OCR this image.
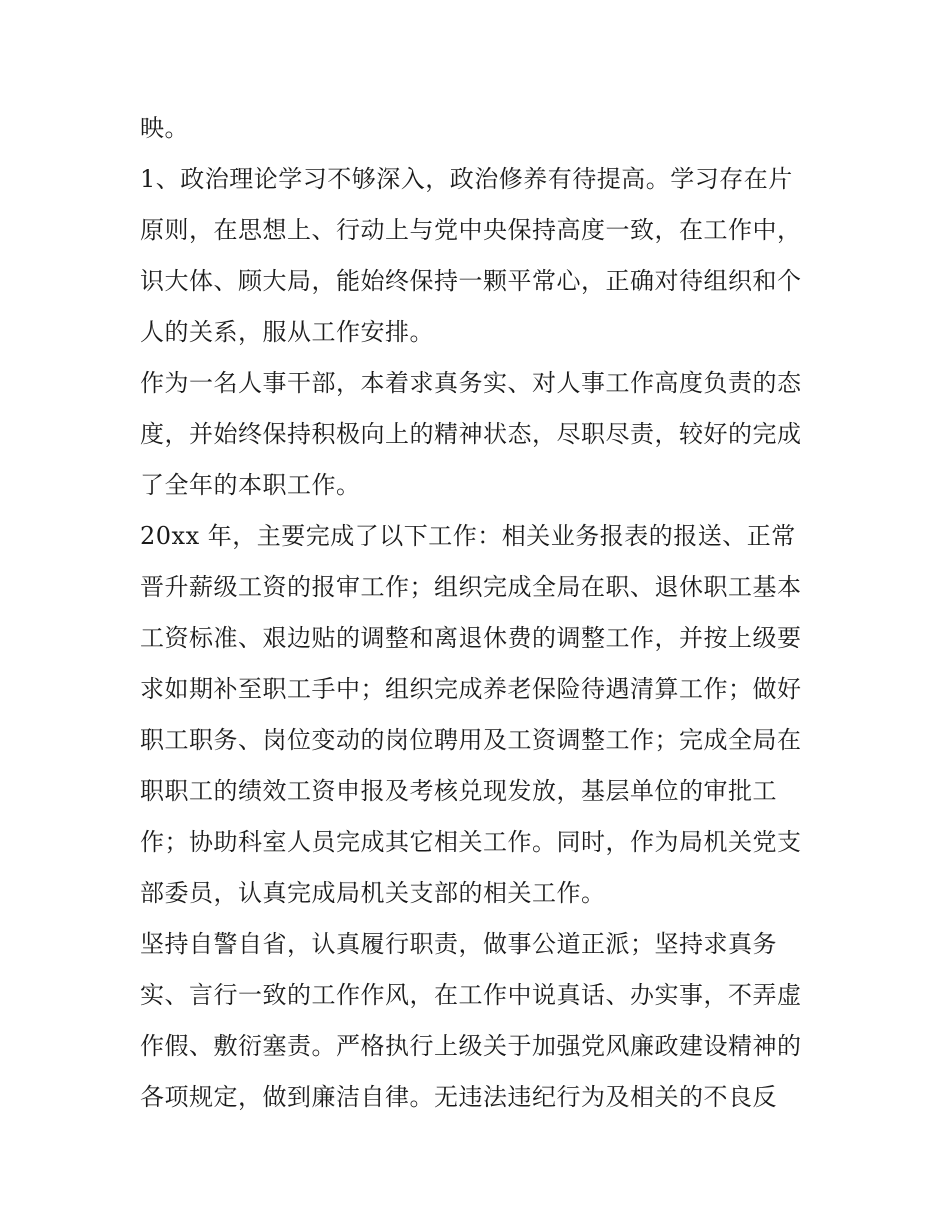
映。
1、政治理论学习不够深入，政治修养有待提高。学习存在片
原则，在思想上、行动上与党中央保持高度一致，在工作中，
识大体、顾大局，能始终保持一颗平常心，正确对待组织和个
人的关系，服从工作安排。
作为一名人事干部，本着求真务实、对人事工作高度负责的态
度，并始终保持积极向上的精神状态，尽职尽责，较好的完成
了全年的本职工作。
20xx 年，主要完成了以下工作：相关业务报表的报送、正常
晋升薪级工资的报审工作；组织完成全局在职、退休职工基本
工资标准、艰边贴的调整和离退休费的调整工作，并按上级要
求如期补至职工手中；组织完成养老保险待遇清算工作；做好
职工职务、岗位变动的岗位聘用及工资调整工作；完成全局在
职职工的绩效工资申报及考核兑现发放，基层单位的审批工
作；协助科室人员完成其它相关工作。同时，作为局机关党支
部委员，认真完成局机关支部的相关工作。
坚持自警自省，认真履行职责，做事公道正派；坚持求真务
实、言行一致的工作作风，在工作中说真话、办实事，不弄虚
作假、敷衍塞责。严格执行上级关于加强党风廉政建设精神的
各项规定，做到廉洁自律。无违法违纪行为及相关的不良反
